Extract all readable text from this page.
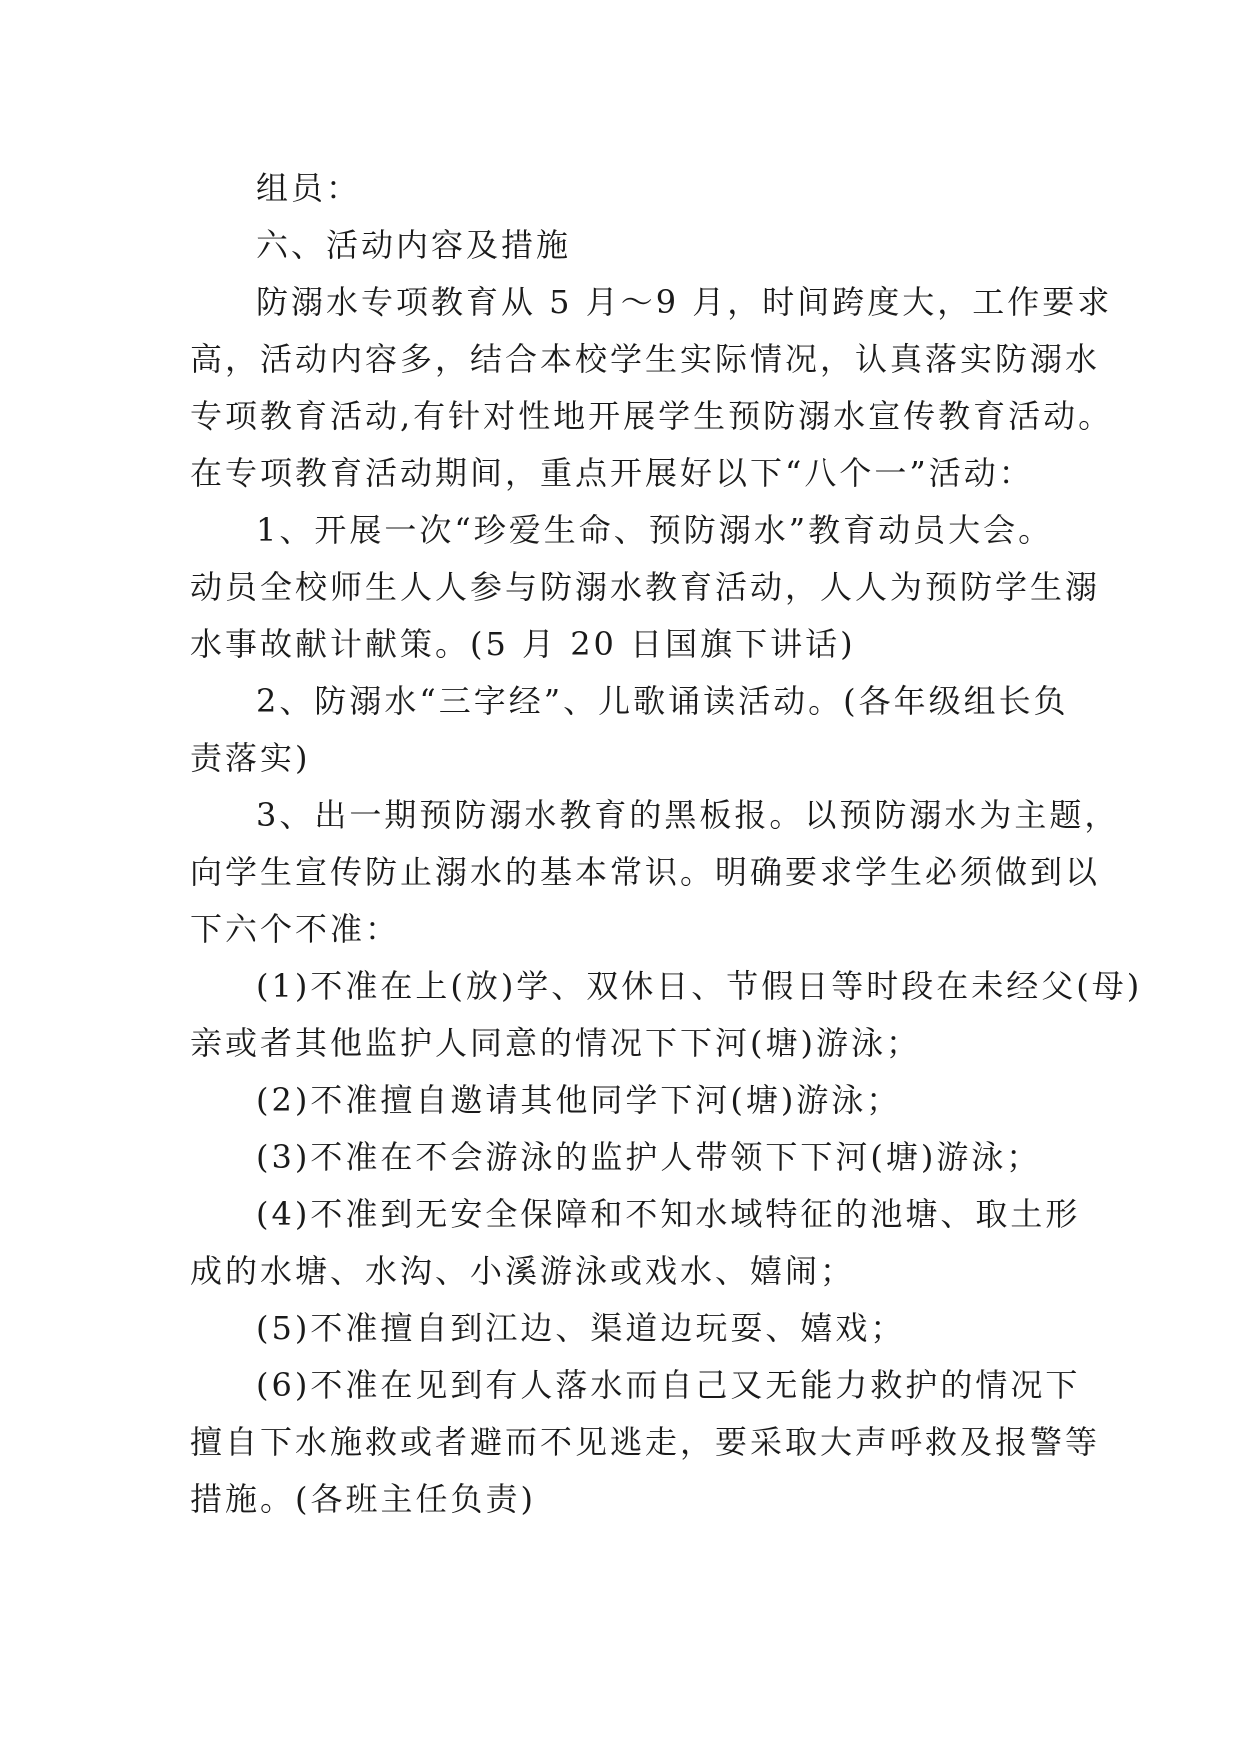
组员：
六、活动内容及措施
防溺水专项教育从 5 月～9 月，时间跨度大，工作要求
高，活动内容多，结合本校学生实际情况，认真落实防溺水
专项教育活动,有针对性地开展学生预防溺水宣传教育活动。
在专项教育活动期间，重点开展好以下“八个一”活动：
1、开展一次“珍爱生命、预防溺水”教育动员大会。
动员全校师生人人参与防溺水教育活动，人人为预防学生溺
水事故献计献策。(5 月 20 日国旗下讲话)
2、防溺水“三字经”、儿歌诵读活动。(各年级组长负
责落实)
3、出一期预防溺水教育的黑板报。以预防溺水为主题，
向学生宣传防止溺水的基本常识。明确要求学生必须做到以
下六个不准：
(1)不准在上(放)学、双休日、节假日等时段在未经父(母)
亲或者其他监护人同意的情况下下河(塘)游泳；
(2)不准擅自邀请其他同学下河(塘)游泳；
(3)不准在不会游泳的监护人带领下下河(塘)游泳；
(4)不准到无安全保障和不知水域特征的池塘、取土形
成的水塘、水沟、小溪游泳或戏水、嬉闹；
(5)不准擅自到江边、渠道边玩耍、嬉戏；
(6)不准在见到有人落水而自己又无能力救护的情况下
擅自下水施救或者避而不见逃走，要采取大声呼救及报警等
措施。(各班主任负责)
